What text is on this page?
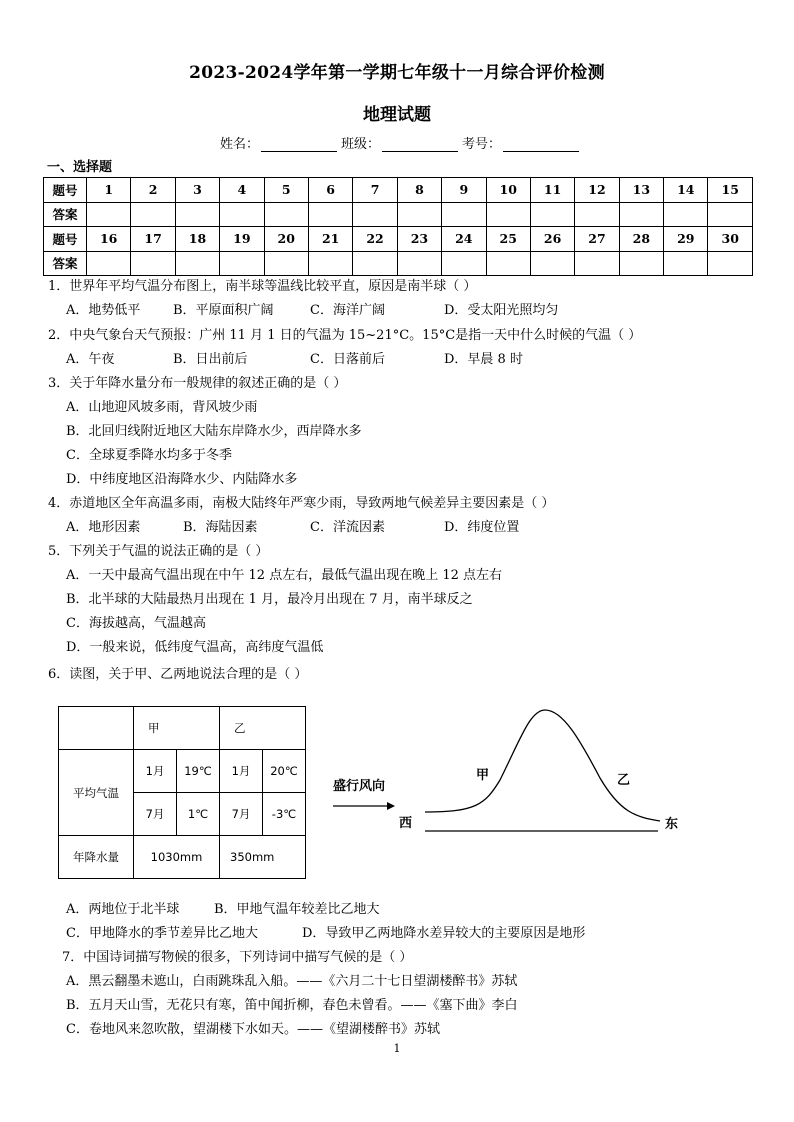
2023-2024学年第一学期七年级十一月综合评价检测
地理试题
姓名：	班级：	考号：
一、选择题
题号	1	2	3	4	5	6	7	8	9	10	11	12	13	14	15
答案															
题号	16	17	18	19	20	21	22	23	24	25	26	27	28	29	30
答案															
1．世界年平均气温分布图上，南半球等温线比较平直，原因是南半球（ ）
A．地势低平	B．平原面积广阔	C．海洋广阔	D．受太阳光照均匀
2．中央气象台天气预报：广州 11 月 1 日的气温为 15~21°C。15°C是指一天中什么时候的气温（ ）
A．午夜	B．日出前后	C．日落前后	D．早晨 8 时
3．关于年降水量分布一般规律的叙述正确的是（ ）
A．山地迎风坡多雨，背风坡少雨
B．北回归线附近地区大陆东岸降水少，西岸降水多
C．全球夏季降水均多于冬季
D．中纬度地区沿海降水少、内陆降水多
4．赤道地区全年高温多雨，南极大陆终年严寒少雨，导致两地气候差异主要因素是（ ）
A．地形因素	B．海陆因素	C．洋流因素	D．纬度位置
5．下列关于气温的说法正确的是（ ）
A．一天中最高气温出现在中午 12 点左右，最低气温出现在晚上 12 点左右
B．北半球的大陆最热月出现在 1 月，最冷月出现在 7 月，南半球反之
C．海拔越高，气温越高
D．一般来说，低纬度气温高，高纬度气温低
6．读图，关于甲、乙两地说法合理的是（ ）
	甲		乙	
平均气温	1月	19℃	1月	20℃
	7月	1℃	7月	-3℃
年降水量	1030mm		350mm	
盛行风向
西	东
甲	乙
A．两地位于北半球	B．甲地气温年较差比乙地大
C．甲地降水的季节差异比乙地大	D．导致甲乙两地降水差异较大的主要原因是地形
7．中国诗词描写物候的很多，下列诗词中描写气候的是（ ）
A．黑云翻墨未遮山，白雨跳珠乱入船。——《六月二十七日望湖楼醉书》苏轼
B．五月天山雪，无花只有寒，笛中闻折柳，春色未曾看。——《塞下曲》李白
C．卷地风来忽吹散，望湖楼下水如天。——《望湖楼醉书》苏轼
1
